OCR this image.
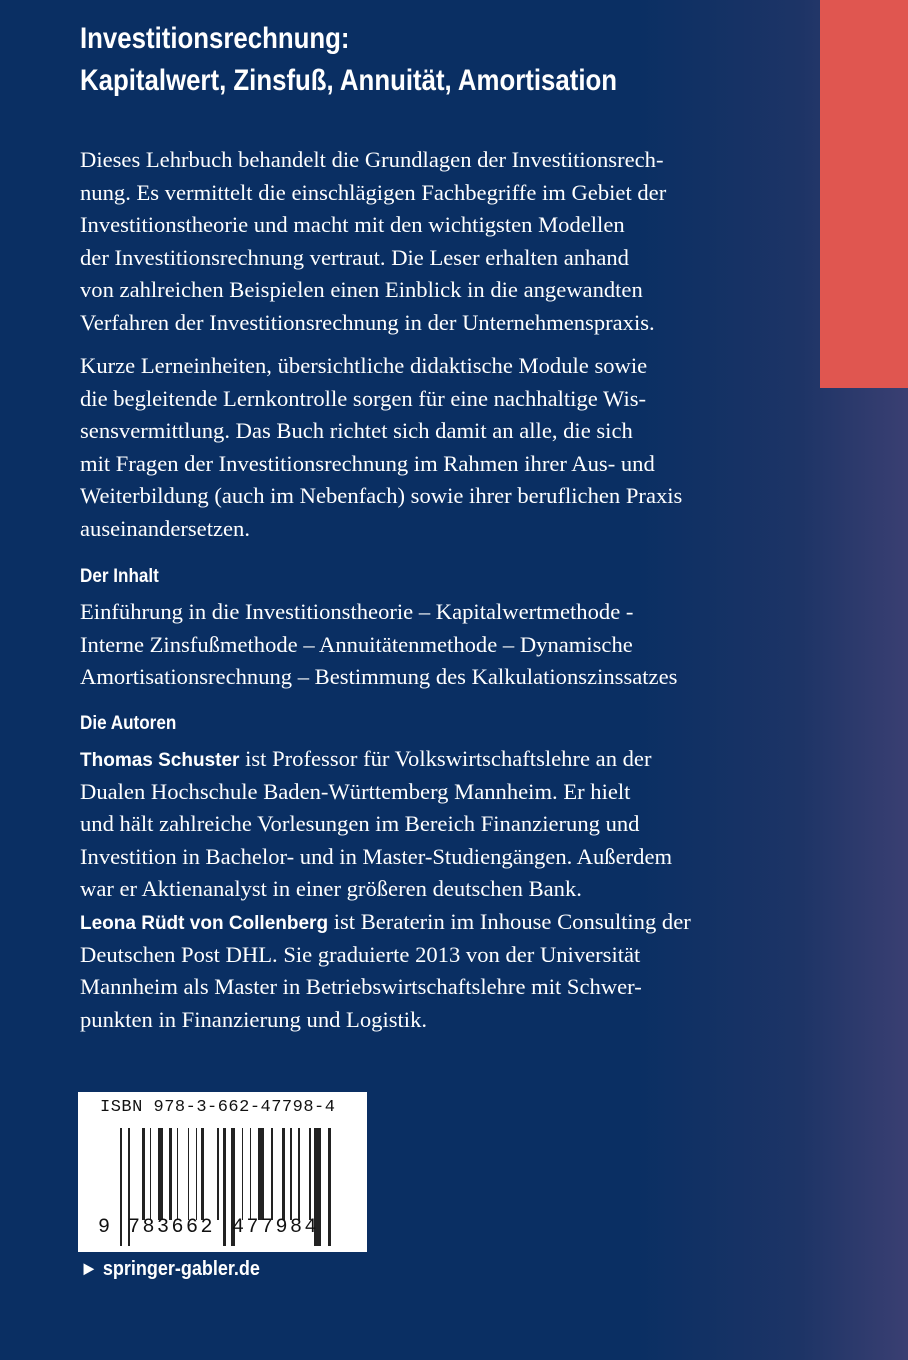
Investitionsrechnung:
Kapitalwert, Zinsfuß, Annuität, Amortisation
Dieses Lehrbuch behandelt die Grundlagen der Investitionsrech-
nung. Es vermittelt die einschlägigen Fachbegriffe im Gebiet der
Investitionstheorie und macht mit den wichtigsten Modellen
der Investitionsrechnung vertraut. Die Leser erhalten anhand
von zahlreichen Beispielen einen Einblick in die angewandten
Verfahren der Investitionsrechnung in der Unternehmenspraxis.
Kurze Lerneinheiten, übersichtliche didaktische Module sowie
die begleitende Lernkontrolle sorgen für eine nachhaltige Wis-
sensvermittlung. Das Buch richtet sich damit an alle, die sich
mit Fragen der Investitionsrechnung im Rahmen ihrer Aus- und
Weiterbildung (auch im Nebenfach) sowie ihrer beruflichen Praxis
auseinandersetzen.
Der Inhalt
Einführung in die Investitionstheorie – Kapitalwertmethode -
Interne Zinsfußmethode – Annuitätenmethode – Dynamische
Amortisationsrechnung – Bestimmung des Kalkulationszinssatzes
Die Autoren
Thomas Schuster ist Professor für Volkswirtschaftslehre an der
Dualen Hochschule Baden-Württemberg Mannheim. Er hielt
und hält zahlreiche Vorlesungen im Bereich Finanzierung und
Investition in Bachelor- und in Master-Studiengängen. Außerdem
war er Aktienanalyst in einer größeren deutschen Bank.
Leona Rüdt von Collenberg ist Beraterin im Inhouse Consulting der
Deutschen Post DHL. Sie graduierte 2013 von der Universität
Mannheim als Master in Betriebswirtschaftslehre mit Schwer-
punkten in Finanzierung und Logistik.
ISBN 978-3-662-47798-4
9 7 8 3 6 6 2 4 7 7 9 8 4
► springer-gabler.de
